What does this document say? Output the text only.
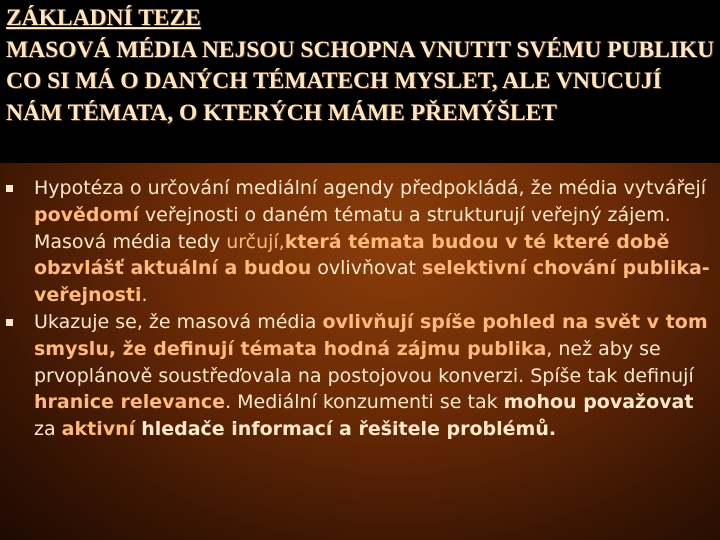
ZÁKLADNÍ TEZE
MASOVÁ MÉDIA NEJSOU SCHOPNA VNUTIT SVÉMU PUBLIKU CO SI MÁ O DANÝCH TÉMATECH MYSLET, ALE VNUCUJÍ NÁM TÉMATA, O KTERÝCH MÁME PŘEMÝŠLET
Hypotéza o určování mediální agendy předpokládá, že média vytvářejí povědomí veřejnosti o daném tématu a strukturují veřejný zájem. Masová média tedy určují,která témata budou v té které době obzvlášť aktuální a budou ovlivňovat selektivní chování publika-veřejnosti.
Ukazuje se, že masová média ovlivňují spíše pohled na svět v tom smyslu, že definují témata hodná zájmu publika, než aby se prvoplánově soustřeďovala na postojovou konverzi. Spíše tak definují hranice relevance. Mediální konzumenti se tak mohou považovat za aktivní hledače informací a řešitele problémů.
